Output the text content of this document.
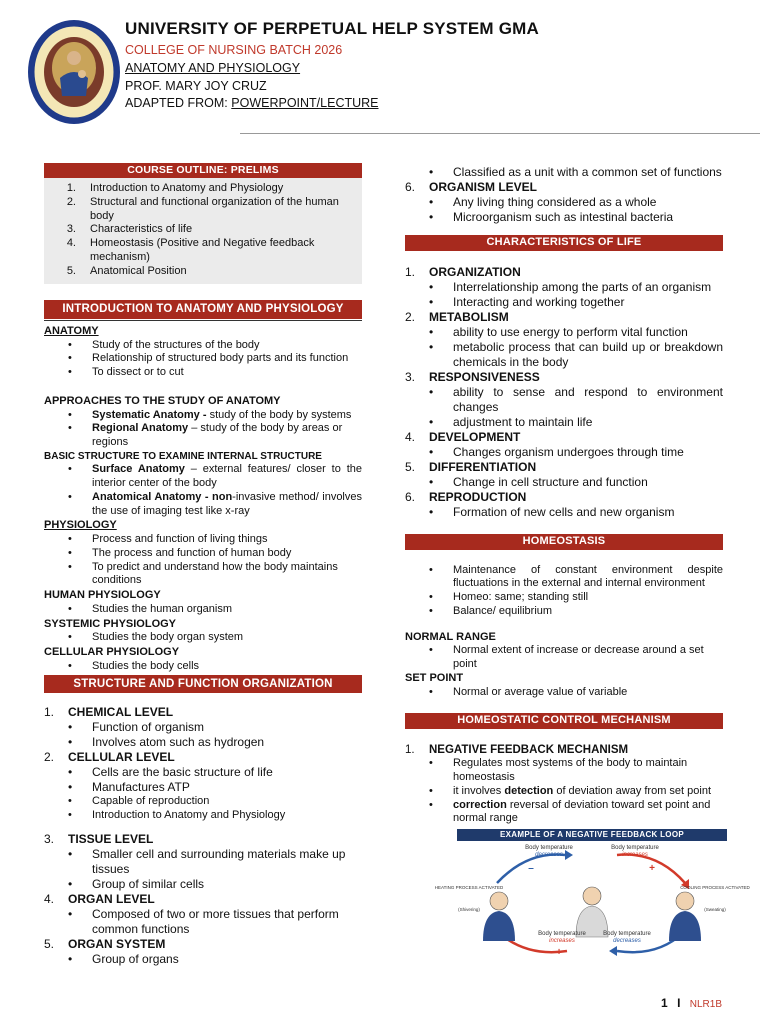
UNIVERSITY OF PERPETUAL HELP SYSTEM GMA
COLLEGE OF NURSING BATCH 2026
ANATOMY AND PHYSIOLOGY
PROF. MARY JOY CRUZ
ADAPTED FROM: POWERPOINT/LECTURE
COURSE OUTLINE: PRELIMS
1.	Introduction to Anatomy and Physiology
2.	Structural and functional organization of the human body
3.	Characteristics of life
4.	Homeostasis (Positive and Negative feedback mechanism)
5.	Anatomical Position
INTRODUCTION TO ANATOMY AND PHYSIOLOGY
ANATOMY
• Study of the structures of the body
• Relationship of structured body parts and its function
• To dissect or to cut
APPROACHES TO THE STUDY OF ANATOMY
• Systematic Anatomy - study of the body by systems
• Regional Anatomy – study of the body by areas or regions
BASIC STRUCTURE TO EXAMINE INTERNAL STRUCTURE
• Surface Anatomy – external features/ closer to the interior center of the body
• Anatomical Anatomy - non-invasive method/ involves the use of imaging test like x-ray
PHYSIOLOGY
• Process and function of living things
• The process and function of human body
• To predict and understand how the body maintains conditions
HUMAN PHYSIOLOGY
• Studies the human organism
SYSTEMIC PHYSIOLOGY
• Studies the body organ system
CELLULAR PHYSIOLOGY
• Studies the body cells
STRUCTURE AND FUNCTION ORGANIZATION
1.	CHEMICAL LEVEL
• Function of organism
• Involves atom such as hydrogen
2.	CELLULAR LEVEL
• Cells are the basic structure of life
• Manufactures ATP
• Capable of reproduction
• Introduction to Anatomy and Physiology
3.	TISSUE LEVEL
• Smaller cell and surrounding materials make up tissues
• Group of similar cells
4.	ORGAN LEVEL
• Composed of two or more tissues that perform common functions
5.	ORGAN SYSTEM
• Group of organs
• Classified as a unit with a common set of functions
6.	ORGANISM LEVEL
• Any living thing considered as a whole
• Microorganism such as intestinal bacteria
CHARACTERISTICS OF LIFE
1.	ORGANIZATION
• Interrelationship among the parts of an organism
• Interacting and working together
2.	METABOLISM
• ability to use energy to perform vital function
• metabolic process that can build up or breakdown chemicals in the body
3.	RESPONSIVENESS
• ability to sense and respond to environment changes
• adjustment to maintain life
4.	DEVELOPMENT
• Changes organism undergoes through time
5.	DIFFERENTIATION
• Change in cell structure and function
6.	REPRODUCTION
• Formation of new cells and new organism
HOMEOSTASIS
• Maintenance of constant environment despite fluctuations in the external and internal environment
• Homeo: same; standing still
• Balance/ equilibrium
NORMAL RANGE
• Normal extent of increase or decrease around a set point
SET POINT
• Normal or average value of variable
HOMEOSTATIC CONTROL MECHANISM
1.	NEGATIVE FEEDBACK MECHANISM
• Regulates most systems of the body to maintain homeostasis
• it involves detection of deviation away from set point
• correction reversal of deviation toward set point and normal range
EXAMPLE OF A NEGATIVE FEEDBACK LOOP
Body temperature
decreases
Body temperature
increases
Body temperature
increases
Body temperature
decreases
HEATING PROCESS ACTIVATED
(Shivering)
COOLING PROCESS ACTIVATED
(Sweating)
–	+
+	–
1 I NLR1B
